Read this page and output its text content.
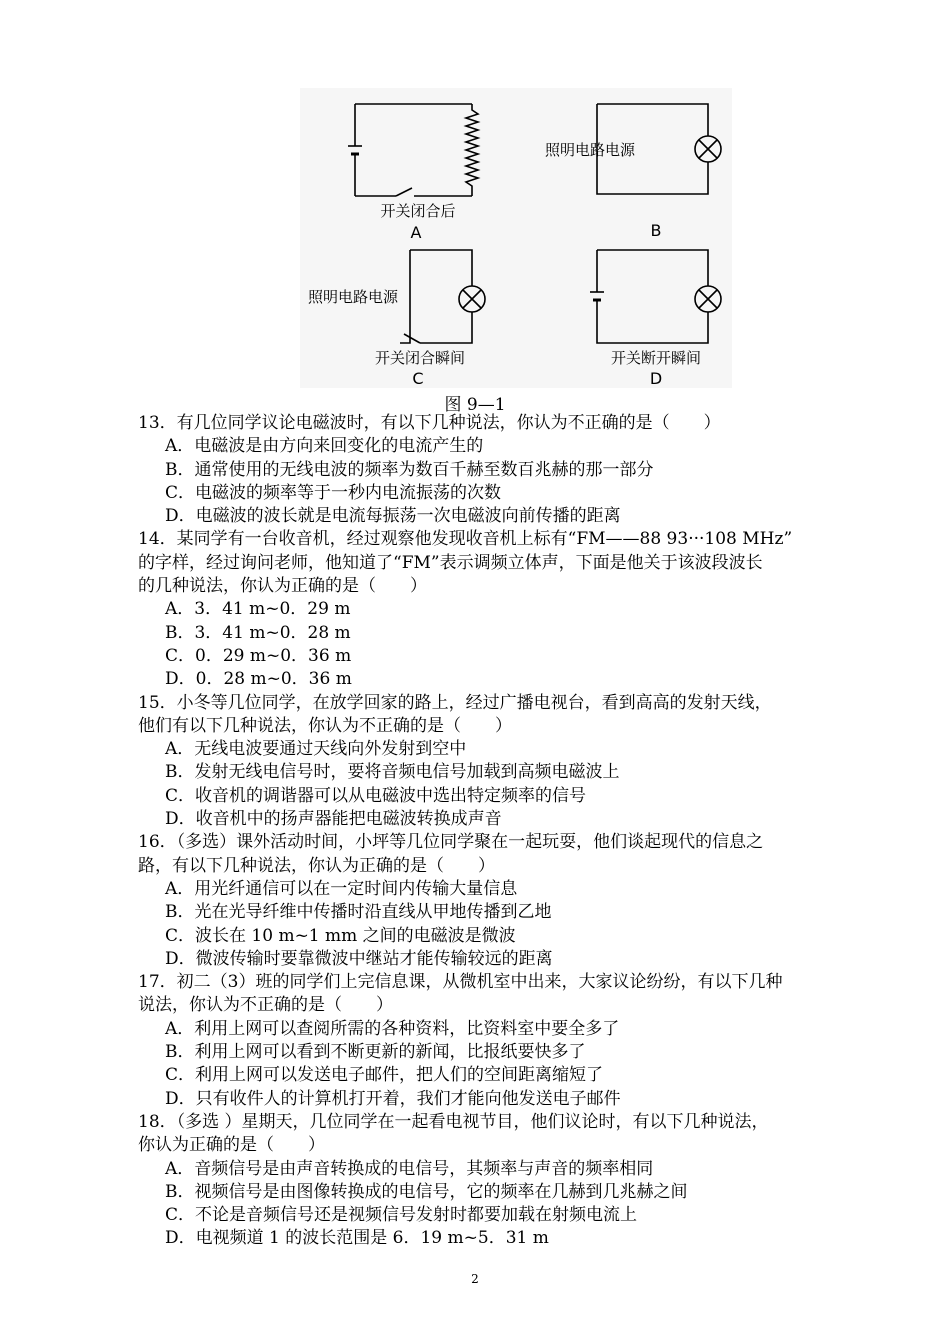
开关闭合后
A
照明电路电源
B
照明电路电源
开关闭合瞬间
C
开关断开瞬间
D
图 9—1

13．有几位同学议论电磁波时，有以下几种说法，你认为不正确的是（　　）

A．电磁波是由方向来回变化的电流产生的

B．通常使用的无线电波的频率为数百千赫至数百兆赫的那一部分

C．电磁波的频率等于一秒内电流振荡的次数

D．电磁波的波长就是电流每振荡一次电磁波向前传播的距离

14．某同学有一台收音机，经过观察他发现收音机上标有“FM——88 93···108 MHz”

的字样，经过询问老师，他知道了“FM”表示调频立体声，下面是他关于该波段波长

的几种说法，你认为正确的是（　　）

A．3．41 m~0．29 m

B．3．41 m~0．28 m

C．0．29 m~0．36 m

D．0．28 m~0．36 m

15．小冬等几位同学，在放学回家的路上，经过广播电视台，看到高高的发射天线，

他们有以下几种说法，你认为不正确的是（　　）

A．无线电波要通过天线向外发射到空中

B．发射无线电信号时，要将音频电信号加载到高频电磁波上

C．收音机的调谐器可以从电磁波中选出特定频率的信号

D．收音机中的扬声器能把电磁波转换成声音

16．（多选）课外活动时间，小坪等几位同学聚在一起玩耍，他们谈起现代的信息之

路，有以下几种说法，你认为正确的是（　　）

A．用光纤通信可以在一定时间内传输大量信息

B．光在光导纤维中传播时沿直线从甲地传播到乙地

C．波长在 10 m~1 mm 之间的电磁波是微波

D．微波传输时要靠微波中继站才能传输较远的距离

17．初二（3）班的同学们上完信息课，从微机室中出来，大家议论纷纷，有以下几种

说法，你认为不正确的是（　　）

A．利用上网可以查阅所需的各种资料，比资料室中要全多了

B．利用上网可以看到不断更新的新闻，比报纸要快多了

C．利用上网可以发送电子邮件，把人们的空间距离缩短了

D．只有收件人的计算机打开着，我们才能向他发送电子邮件

18．（多选 ）星期天，几位同学在一起看电视节目，他们议论时，有以下几种说法，

你认为正确的是（　　）

A．音频信号是由声音转换成的电信号，其频率与声音的频率相同

B．视频信号是由图像转换成的电信号，它的频率在几赫到几兆赫之间

C．不论是音频信号还是视频信号发射时都要加载在射频电流上

D．电视频道 1 的波长范围是 6．19 m~5．31 m

2
